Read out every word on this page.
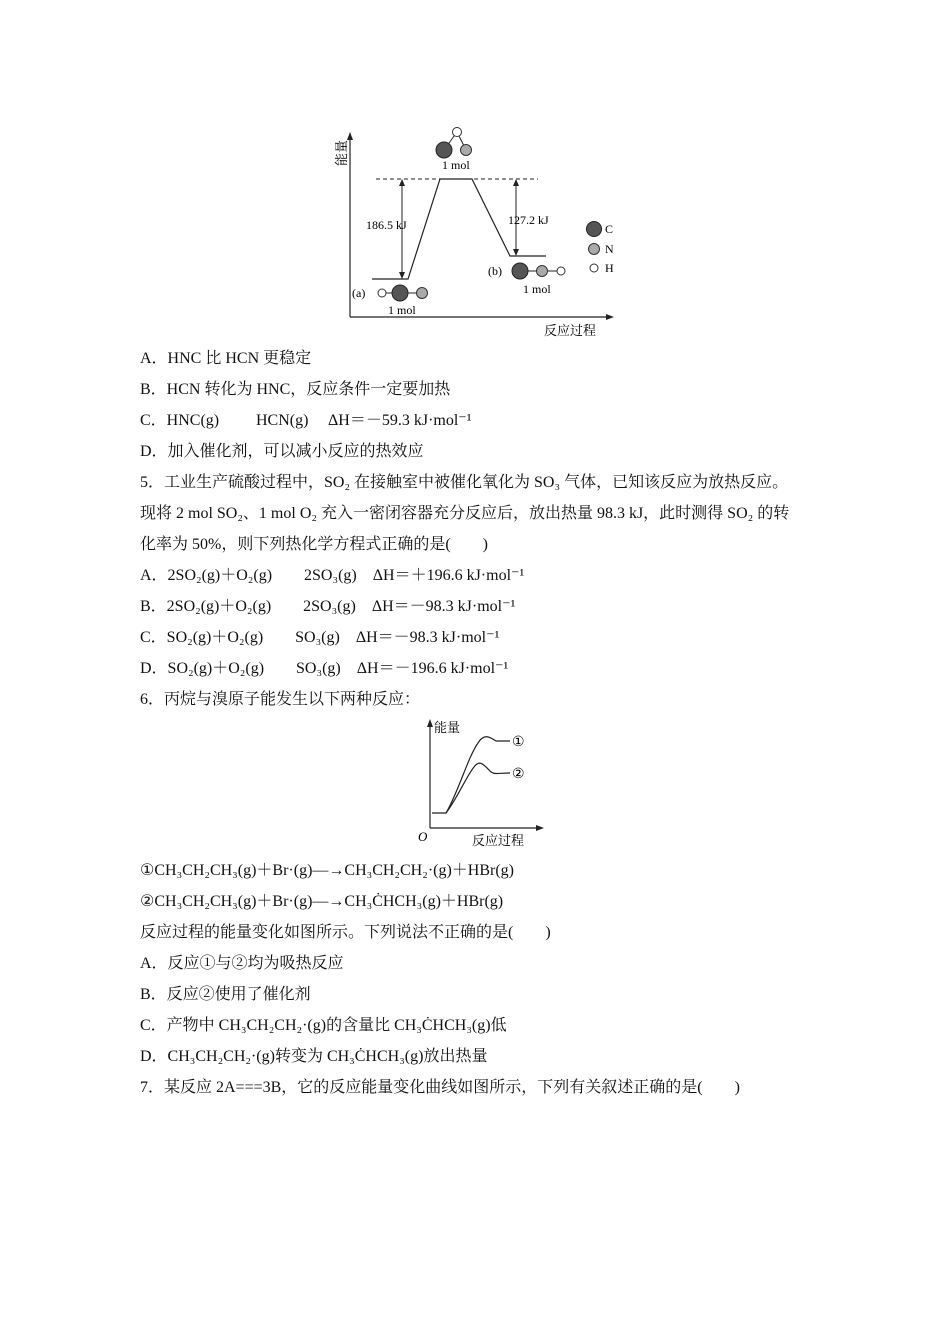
能量
反应过程
186.5 kJ	127.2 kJ
1 mol
(a)
1 mol
(b)
1 mol
C
N
H
A．HNC 比 HCN 更稳定
B．HCN 转化为 HNC，反应条件一定要加热
C．HNC(g) HCN(g) ΔH＝－59.3 kJ·mol⁻¹
D．加入催化剂，可以减小反应的热效应
5．工业生产硫酸过程中，SO₂ 在接触室中被催化氧化为 SO₃ 气体，已知该反应为放热反应。
现将 2 mol SO₂、1 mol O₂ 充入一密闭容器充分反应后，放出热量 98.3 kJ，此时测得 SO₂ 的转
化率为 50%，则下列热化学方程式正确的是(　　)
A．2SO₂(g)＋O₂(g)　　2SO₃(g)　ΔH＝＋196.6 kJ·mol⁻¹
B．2SO₂(g)＋O₂(g)　　2SO₃(g)　ΔH＝－98.3 kJ·mol⁻¹
C．SO₂(g)＋O₂(g)　　SO₃(g)　ΔH＝－98.3 kJ·mol⁻¹
D．SO₂(g)＋O₂(g)　　SO₃(g)　ΔH＝－196.6 kJ·mol⁻¹
6．丙烷与溴原子能发生以下两种反应：
能量
反应过程
O
①
②
①CH₃CH₂CH₃(g)＋Br·(g)—→CH₃CH₂CH₂·(g)＋HBr(g)
②CH₃CH₂CH₃(g)＋Br·(g)—→CH₃ĊHCH₃(g)＋HBr(g)
反应过程的能量变化如图所示。下列说法不正确的是(　　)
A．反应①与②均为吸热反应
B．反应②使用了催化剂
C．产物中 CH₃CH₂CH₂·(g)的含量比 CH₃ĊHCH₃(g)低
D．CH₃CH₂CH₂·(g)转变为 CH₃ĊHCH₃(g)放出热量
7．某反应 2A===3B，它的反应能量变化曲线如图所示，下列有关叙述正确的是(　　)
